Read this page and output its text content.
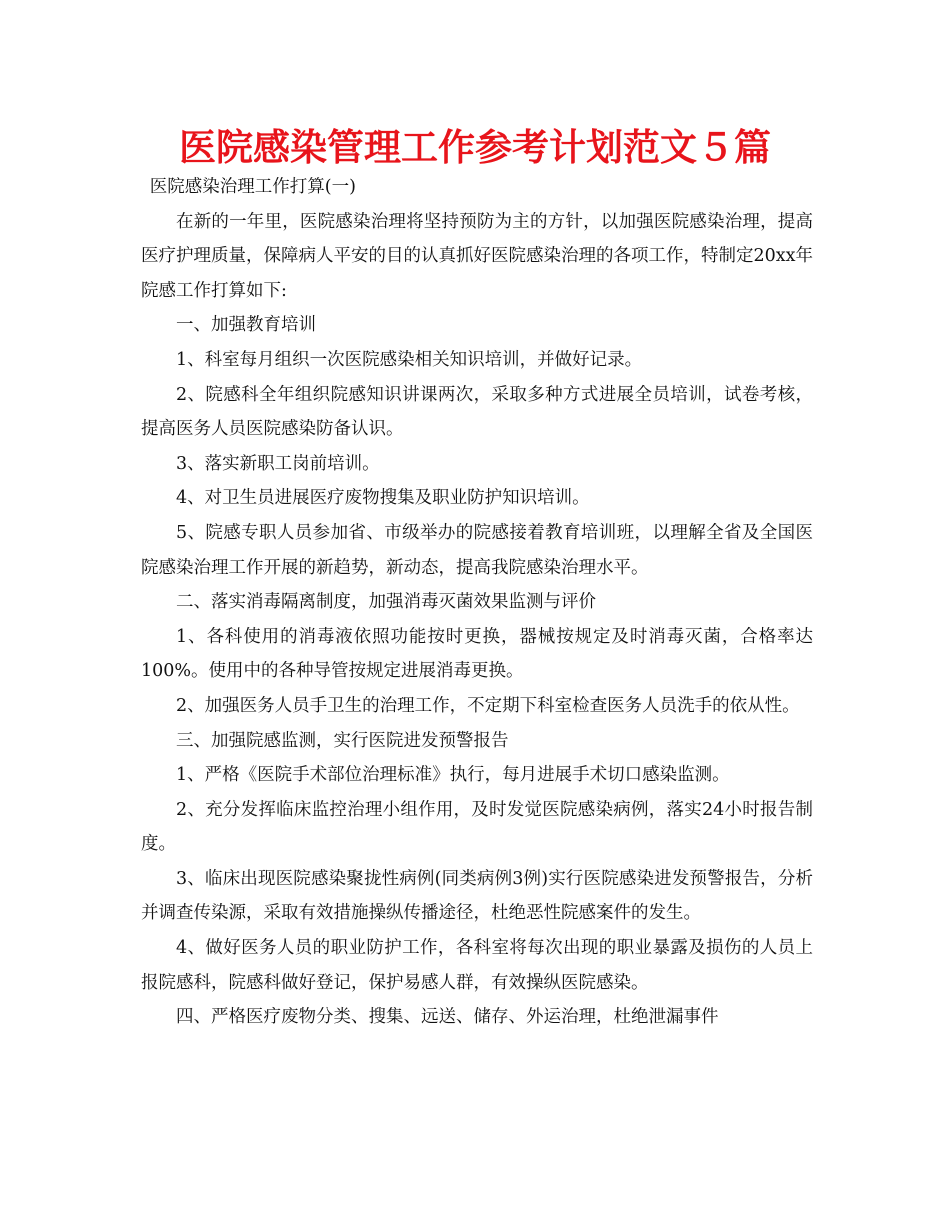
医院感染管理工作参考计划范文５篇

医院感染治理工作打算(一)

在新的一年里，医院感染治理将坚持预防为主的方针，以加强医院感染治理，提高医疗护理质量，保障病人平安的目的认真抓好医院感染治理的各项工作，特制定20xx年院感工作打算如下:

一、加强教育培训

1、科室每月组织一次医院感染相关知识培训，并做好记录。

2、院感科全年组织院感知识讲课两次，采取多种方式进展全员培训，试卷考核，提高医务人员医院感染防备认识。

3、落实新职工岗前培训。

4、对卫生员进展医疗废物搜集及职业防护知识培训。

5、院感专职人员参加省、市级举办的院感接着教育培训班，以理解全省及全国医院感染治理工作开展的新趋势，新动态，提高我院感染治理水平。

二、落实消毒隔离制度，加强消毒灭菌效果监测与评价

1、各科使用的消毒液依照功能按时更换，器械按规定及时消毒灭菌，合格率达100%。使用中的各种导管按规定进展消毒更换。

2、加强医务人员手卫生的治理工作，不定期下科室检查医务人员洗手的依从性。

三、加强院感监测，实行医院进发预警报告

1、严格《医院手术部位治理标准》执行，每月进展手术切口感染监测。

2、充分发挥临床监控治理小组作用，及时发觉医院感染病例，落实24小时报告制度。

3、临床出现医院感染聚拢性病例(同类病例3例)实行医院感染进发预警报告，分析并调查传染源，采取有效措施操纵传播途径，杜绝恶性院感案件的发生。

4、做好医务人员的职业防护工作，各科室将每次出现的职业暴露及损伤的人员上报院感科，院感科做好登记，保护易感人群，有效操纵医院感染。

四、严格医疗废物分类、搜集、远送、储存、外运治理，杜绝泄漏事件
